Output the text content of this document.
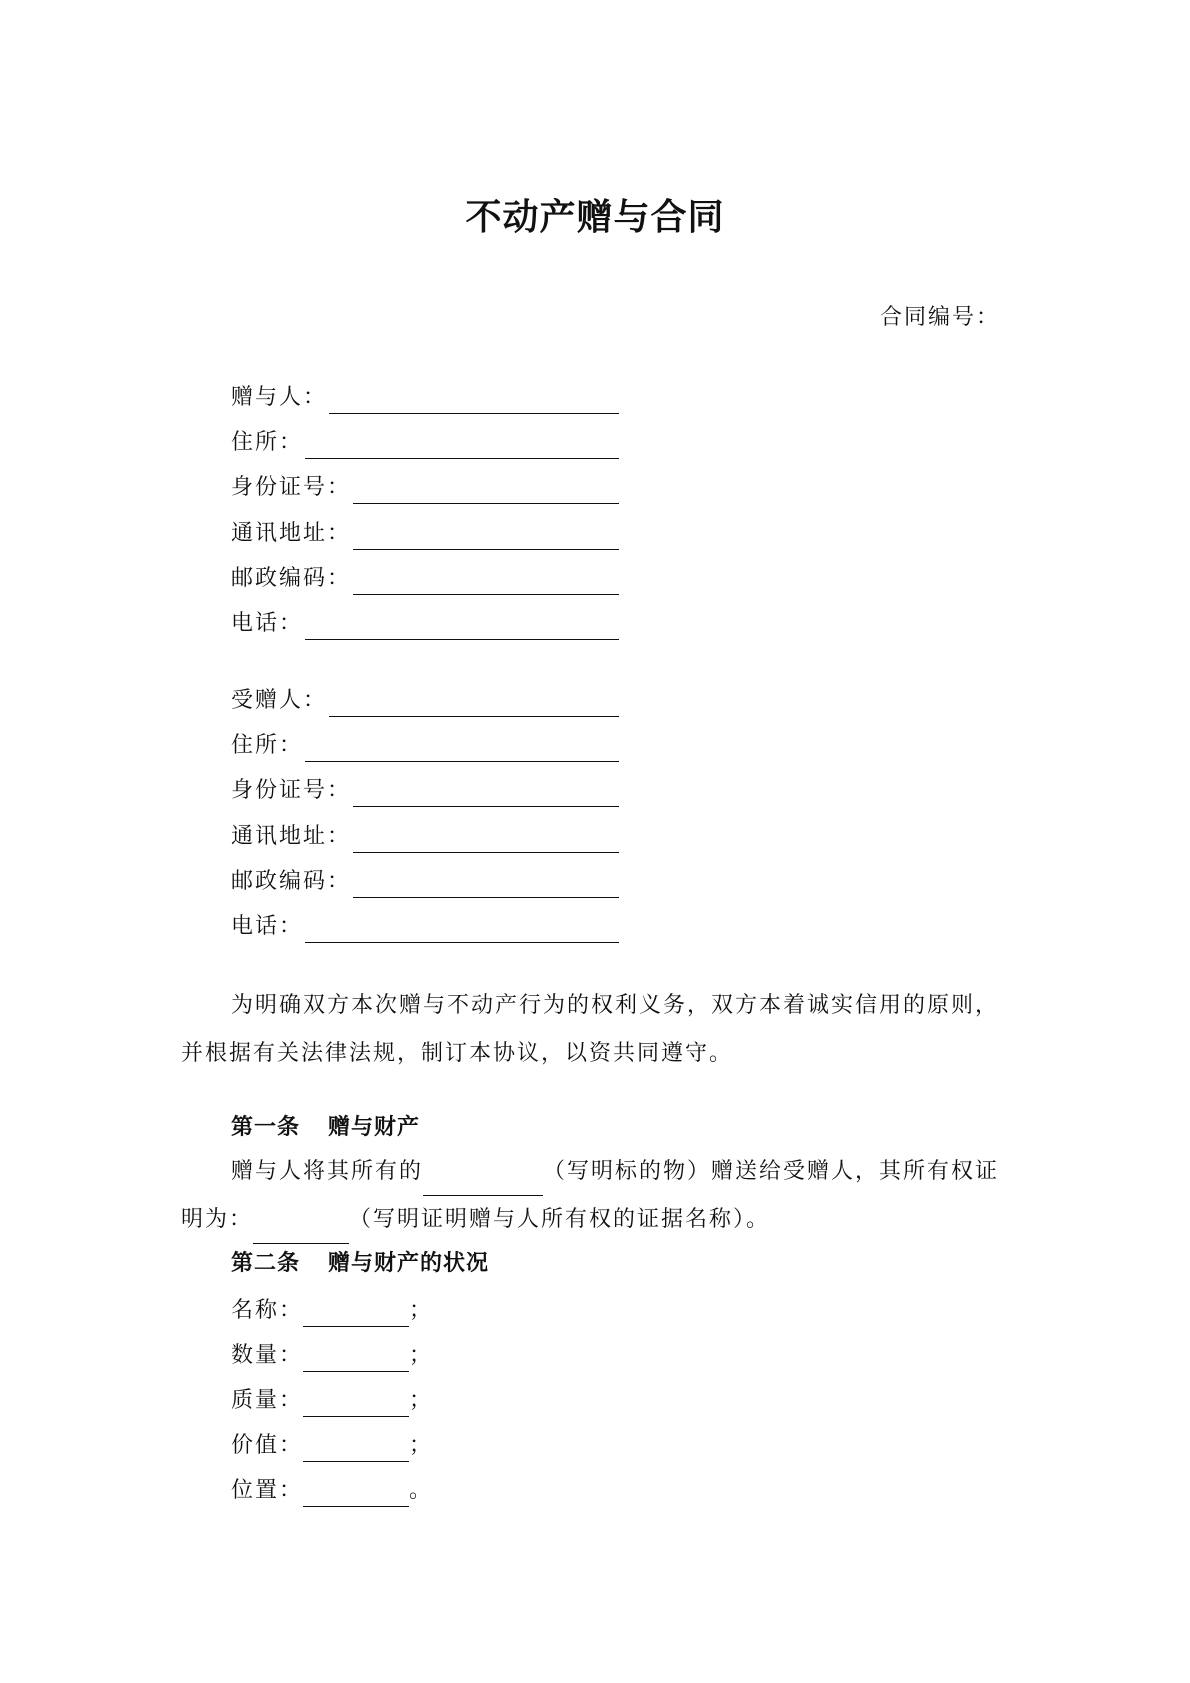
不动产赠与合同
合同编号：
赠与人：
住所：
身份证号：
通讯地址：
邮政编码：
电话：
受赠人：
住所：
身份证号：
通讯地址：
邮政编码：
电话：
为明确双方本次赠与不动产行为的权利义务，双方本着诚实信用的原则，并根据有关法律法规，制订本协议，以资共同遵守。
第一条 赠与财产
赠与人将其所有的	（写明标的物）赠送给受赠人，其所有权证明为：	（写明证明赠与人所有权的证据名称）。
第二条 赠与财产的状况
名称：	；
数量：	；
质量：	；
价值：	；
位置：	。
